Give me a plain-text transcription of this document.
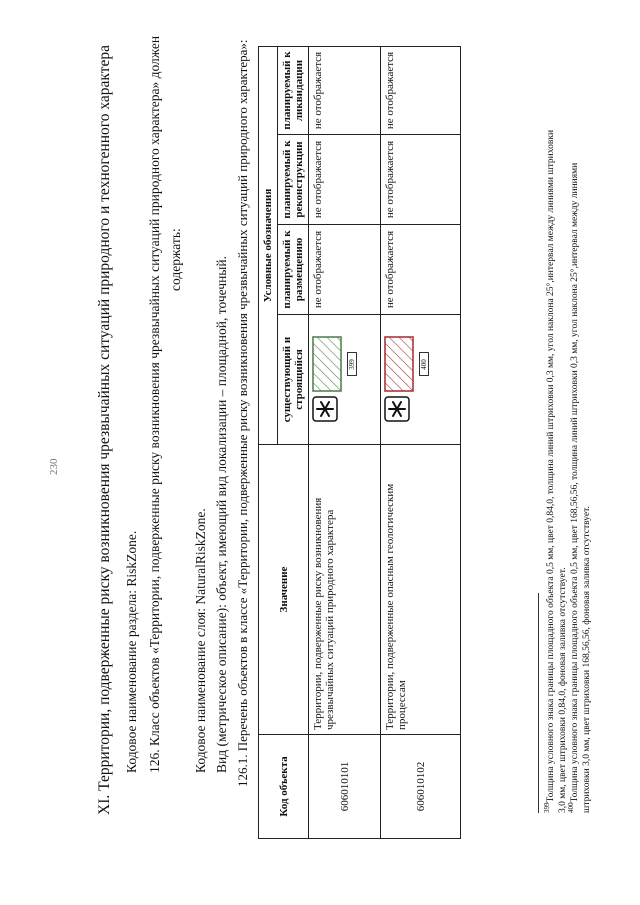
230 XI. Территории, подверженные риску возникновения чрезвычайных ситуаций природного и техногенного характера Кодовое наименование раздела: RiskZone. 126. Класс объектов «Территории, подверженные риску возникновения чрезвычайных ситуаций природного характера» должен содержать:
Кодовое наименование слоя: NaturalRiskZone. Вид (метрическое описание): объект, имеющий вид локализации – площадной, точечный. 126.1. Перечень объектов в классе «Территории, подверженные риску возникновения чрезвычайных ситуаций природного характера»:	Код объекта	Значение	Условные обозначения			
		существующий и строящийся	планируемый к размещению	планируемый к реконструкции	планируемый к ликвидации
606010101	Территории, подверженные риску возникновения чрезвычайных ситуаций природного характера	399	не отображается	не отображается	не отображается
606010102	Территории, подверженные опасным геологическим процессам	400	не отображается	не отображается	не отображается
$^{399}$Толщина условного знака границы площадного объекта 0,5 мм, цвет 0,84,0, толщина линий штриховки 0,3 мм, угол наклона 25°,интервал между линиями штриховки 3,0 мм, цвет штриховки 0,84,0, фоновая заливка отсутствует.
$^{400}$Толщина условного знака границы площадного объекта 0,5 мм, цвет 168,56,56, толщина линий штриховки 0,3 мм, угол наклона 25°,интервал между линиями штриховки 3,0 мм, цвет штриховки 168,56,56, фоновая заливка отсутствует.
